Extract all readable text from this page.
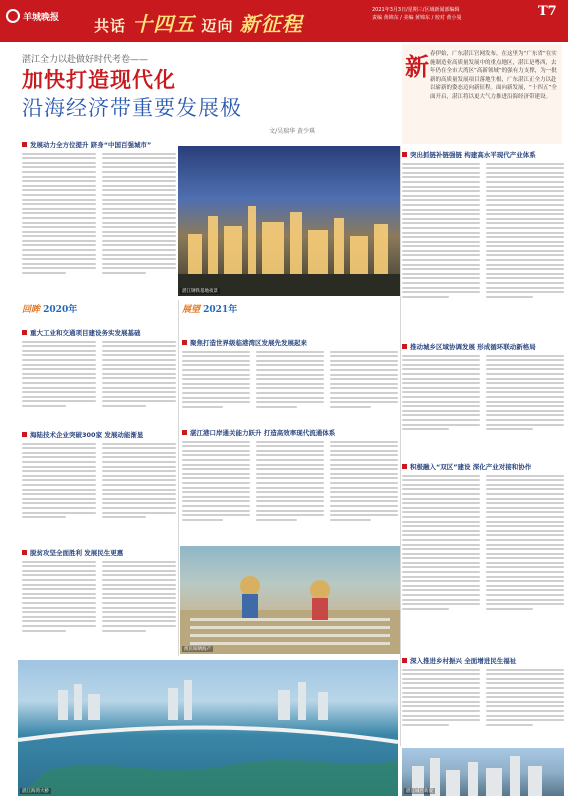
羊城晚报 共话 十四五 迈向 新征程
2021年3月3日/星期三/区域新闻部编辑
责编 黄锦东 / 美编 黄锦东 / 校对 黄小曼	T7
湛江全力以赴做好时代考卷——
加快打造现代化
沿海经济带重要发展极
文/吴瑞华 黄少琪
新 春伊始，广东湛江官网发布，在这里为“广东省”在实施制造业高质量发展中的重点地区，湛江是粤西，去年仍在全市大湾区“高新领域”的强有力支撑，为一批新的高质量发展项目落地生根，广东湛江正全力以赴以崭新的姿态迈向新征程。面向新发展，“十四五”全面开启，湛江将以更大气力推进沿海经济带建设。
湛江钢铁基地夜景
发展动力全方位提升 跻身“中国百强城市”
回眸 2020年
重大工业和交通项目建设务实发展基础
海陆技术企业突破300家 发展动能渐显
脱贫攻坚全面胜利 发展民生更惠
展望 2021年
聚焦打造世界级临港湾区发展先发展起来
湛江港口岸通关能力跃升 打造高效率现代流通体系
渔民晾晒海产
突出抓链补链强链 构建高水平现代产业体系
推动城乡区域协调发展 形成循环联动新格局
积极融入“双区”建设 深化产业对接和协作
深入推进乡村振兴 全面增进民生福祉
湛江海湾大桥	湛江城区新貌
